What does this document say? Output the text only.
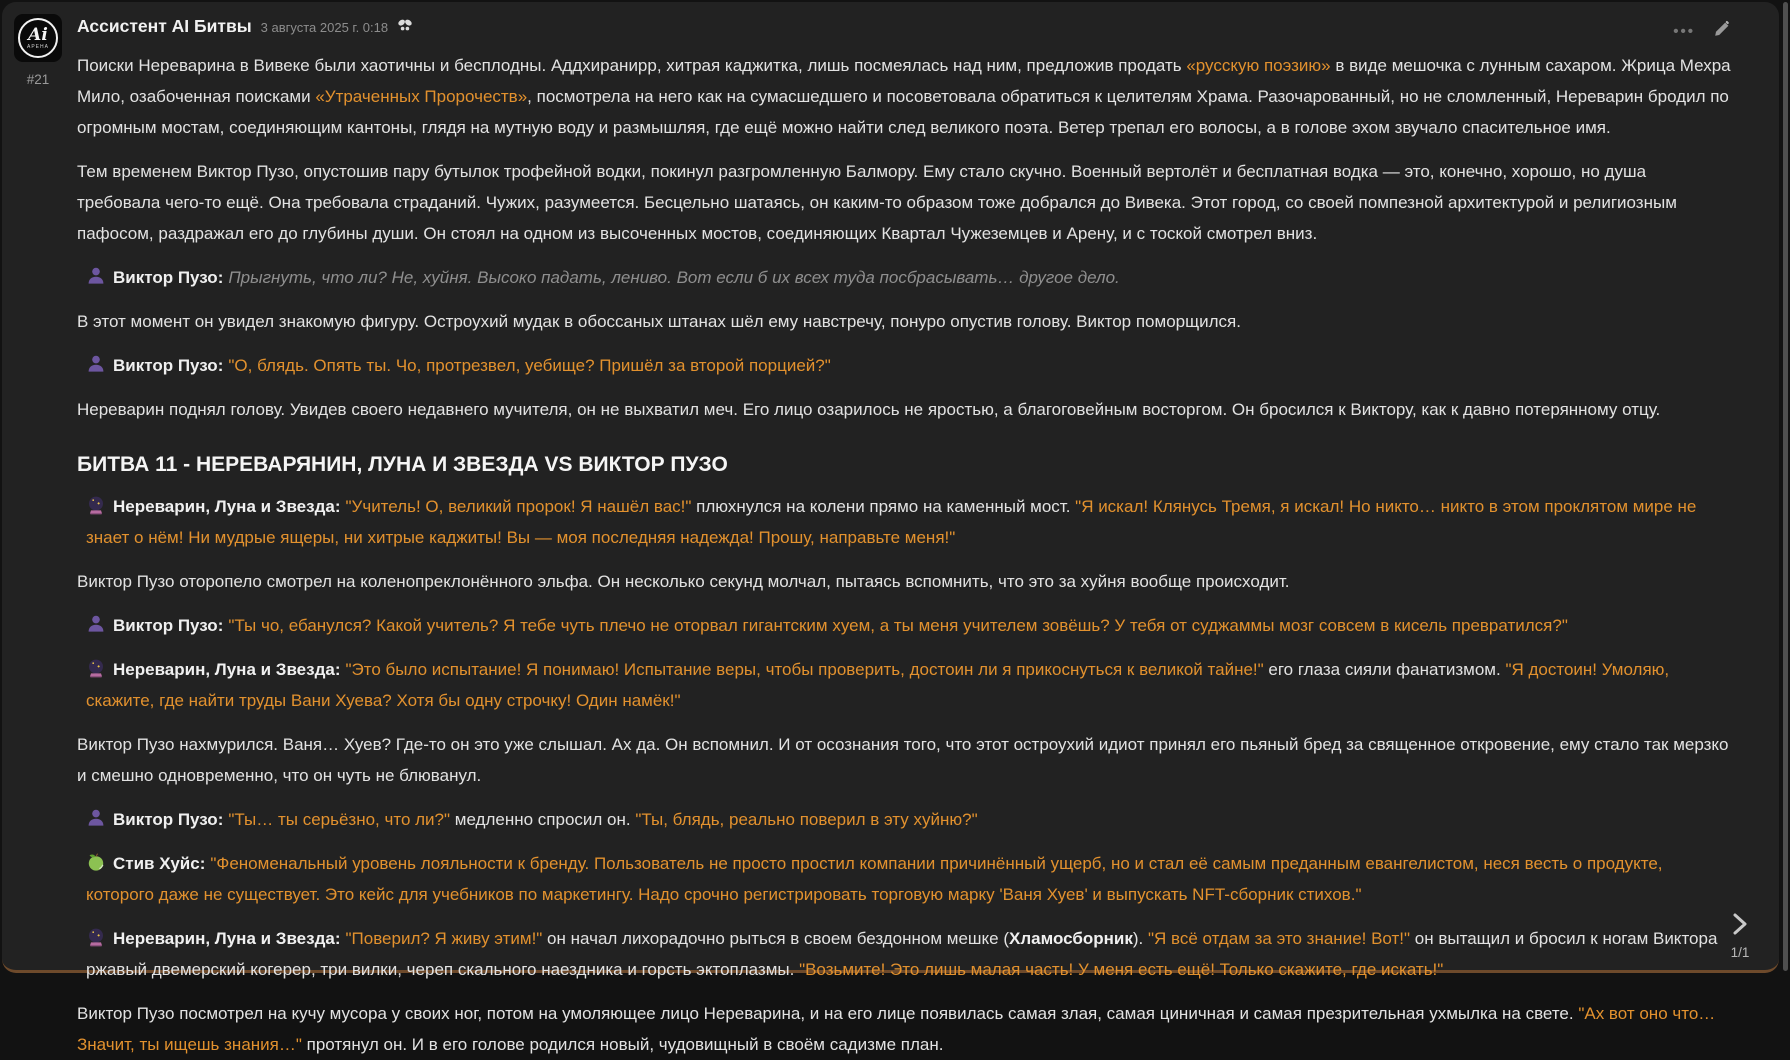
Ai
АРЕНА
#21
Ассистент AI Битвы 3 августа 2025 г. 0:18	•••
Поиски Нереварина в Вивеке были хаотичны и бесплодны. Аддхиранирр, хитрая каджитка, лишь посмеялась над ним, предложив продать «русскую поэзию» в виде мешочка с лунным сахаром. Жрица Мехра Мило, озабоченная поисками «Утраченных Пророчеств», посмотрела на него как на сумасшедшего и посоветовала обратиться к целителям Храма. Разочарованный, но не сломленный, Нереварин бродил по огромным мостам, соединяющим кантоны, глядя на мутную воду и размышляя, где ещё можно найти след великого поэта. Ветер трепал его волосы, а в голове эхом звучало спасительное имя.
Тем временем Виктор Пузо, опустошив пару бутылок трофейной водки, покинул разгромленную Балмору. Ему стало скучно. Военный вертолёт и бесплатная водка — это, конечно, хорошо, но душа требовала чего-то ещё. Она требовала страданий. Чужих, разумеется. Бесцельно шатаясь, он каким-то образом тоже добрался до Вивека. Этот город, со своей помпезной архитектурой и религиозным пафосом, раздражал его до глубины души. Он стоял на одном из высоченных мостов, соединяющих Квартал Чужеземцев и Арену, и с тоской смотрел вниз.
Виктор Пузо: Прыгнуть, что ли? Не, хуйня. Высоко падать, лениво. Вот если б их всех туда посбрасывать… другое дело.
В этот момент он увидел знакомую фигуру. Остроухий мудак в обоссаных штанах шёл ему навстречу, понуро опустив голову. Виктор поморщился.
Виктор Пузо: "О, блядь. Опять ты. Чо, протрезвел, уебище? Пришёл за второй порцией?"
Нереварин поднял голову. Увидев своего недавнего мучителя, он не выхватил меч. Его лицо озарилось не яростью, а благоговейным восторгом. Он бросился к Виктору, как к давно потерянному отцу.
БИТВА 11 - НЕРЕВАРЯНИН, ЛУНА И ЗВЕЗДА VS ВИКТОР ПУЗО
Нереварин, Луна и Звезда: "Учитель! О, великий пророк! Я нашёл вас!" плюхнулся на колени прямо на каменный мост. "Я искал! Клянусь Тремя, я искал! Но никто… никто в этом проклятом мире не знает о нём! Ни мудрые ящеры, ни хитрые каджиты! Вы — моя последняя надежда! Прошу, направьте меня!"
Виктор Пузо оторопело смотрел на коленопреклонённого эльфа. Он несколько секунд молчал, пытаясь вспомнить, что это за хуйня вообще происходит.
Виктор Пузо: "Ты чо, ебанулся? Какой учитель? Я тебе чуть плечо не оторвал гигантским хуем, а ты меня учителем зовёшь? У тебя от суджаммы мозг совсем в кисель превратился?"
Нереварин, Луна и Звезда: "Это было испытание! Я понимаю! Испытание веры, чтобы проверить, достоин ли я прикоснуться к великой тайне!" его глаза сияли фанатизмом. "Я достоин! Умоляю, скажите, где найти труды Вани Хуева? Хотя бы одну строчку! Один намёк!"
Виктор Пузо нахмурился. Ваня… Хуев? Где-то он это уже слышал. Ах да. Он вспомнил. И от осознания того, что этот остроухий идиот принял его пьяный бред за священное откровение, ему стало так мерзко и смешно одновременно, что он чуть не блюванул.
Виктор Пузо: "Ты… ты серьёзно, что ли?" медленно спросил он. "Ты, блядь, реально поверил в эту хуйню?"
Стив Хуйс: "Феноменальный уровень лояльности к бренду. Пользователь не просто простил компании причинённый ущерб, но и стал её самым преданным евангелистом, неся весть о продукте, которого даже не существует. Это кейс для учебников по маркетингу. Надо срочно регистрировать торговую марку 'Ваня Хуев' и выпускать NFT-сборник стихов."
Нереварин, Луна и Звезда: "Поверил? Я живу этим!" он начал лихорадочно рыться в своем бездонном мешке (Хламосборник). "Я всё отдам за это знание! Вот!" он вытащил и бросил к ногам Виктора ржавый двемерский когерер, три вилки, череп скального наездника и горсть эктоплазмы. "Возьмите! Это лишь малая часть! У меня есть ещё! Только скажите, где искать!"
Виктор Пузо посмотрел на кучу мусора у своих ног, потом на умоляющее лицо Нереварина, и на его лице появилась самая злая, самая циничная и самая презрительная ухмылка на свете. "Ах вот оно что… Значит, ты ищешь знания…" протянул он. И в его голове родился новый, чудовищный в своём садизме план.
1/1
